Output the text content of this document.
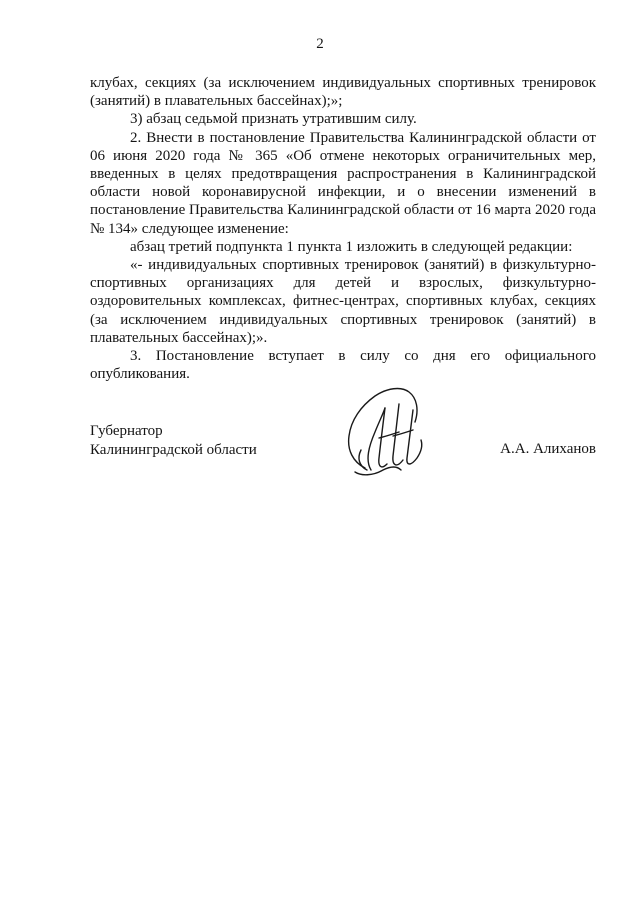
2

клубах, секциях (за исключением индивидуальных спортивных тренировок (занятий) в плавательных бассейнах);»;

3) абзац седьмой признать утратившим силу.

2. Внести в постановление Правительства Калининградской области от 06 июня 2020 года № 365 «Об отмене некоторых ограничительных мер, введенных в целях предотвращения распространения в Калининградской области новой коронавирусной инфекции, и о внесении изменений в постановление Правительства Калининградской области от 16 марта 2020 года № 134» следующее изменение:

абзац третий подпункта 1 пункта 1 изложить в следующей редакции:

«- индивидуальных спортивных тренировок (занятий) в физкультурно-спортивных организациях для детей и взрослых, физкультурно-оздоровительных комплексах, фитнес-центрах, спортивных клубах, секциях (за исключением индивидуальных спортивных тренировок (занятий) в плавательных бассейнах);».

3. Постановление вступает в силу со дня его официального опубликования.

Губернатор
Калининградской области	А.А. Алиханов
